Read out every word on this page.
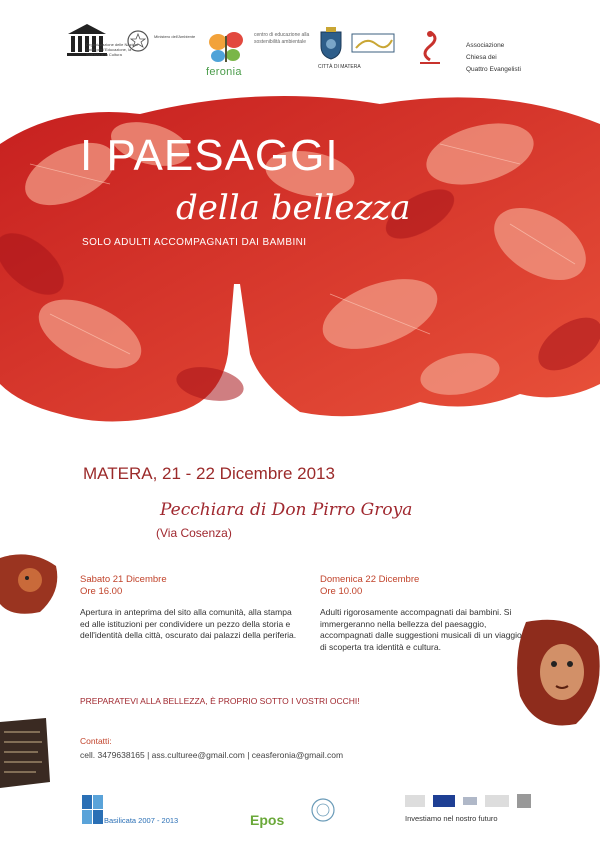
Organizzazione delle Nazioni Unite per l'Educazione, la Scienza e la Cultura
Ministero dell'Ambiente
feronia
centro di educazione alla sostenibilità ambientale
CITTÀ DI MATERA
Associazione
Chiesa dei
Quattro Evangelisti
I PAESAGGI
della bellezza
SOLO ADULTI ACCOMPAGNATI DAI BAMBINI
MATERA, 21 - 22 Dicembre 2013
Pecchiara di Don Pirro Groya
(Via Cosenza)
Sabato 21 Dicembre
Ore 16.00
Apertura in anteprima del sito alla comunità, alla stampa ed alle istituzioni per condividere un pezzo della storia e dell'identità della città, oscurato dai palazzi della periferia.
Domenica 22 Dicembre
Ore 10.00
Adulti rigorosamente accompagnati dai bambini. Si immergeranno nella bellezza del paesaggio, accompagnati dalle suggestioni musicali di un viaggio di scoperta tra identità e cultura.
PREPARATEVI ALLA BELLEZZA, È PROPRIO SOTTO I VOSTRI OCCHI!
Contatti:
cell. 3479638165 | ass.culturee@gmail.com | ceasferonia@gmail.com
Basilicata 2007 - 2013	Epos	Investiamo nel nostro futuro
